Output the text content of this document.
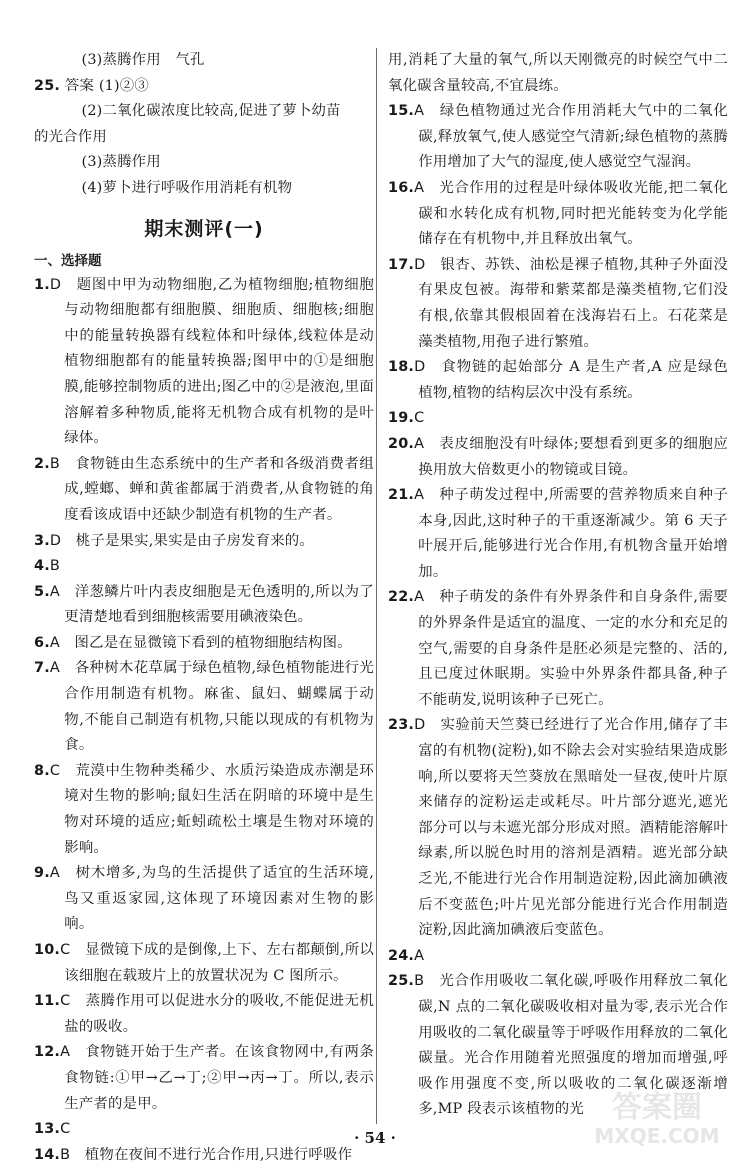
(3)蒸腾作用　气孔

25. 答案 (1)②③

(2)二氧化碳浓度比较高,促进了萝卜幼苗

的光合作用

(3)蒸腾作用

(4)萝卜进行呼吸作用消耗有机物

期末测评(一)
一、选择题

1.D　题图中甲为动物细胞,乙为植物细胞;植物细胞与动物细胞都有细胞膜、细胞质、细胞核;细胞中的能量转换器有线粒体和叶绿体,线粒体是动植物细胞都有的能量转换器;图甲中的①是细胞膜,能够控制物质的进出;图乙中的②是液泡,里面溶解着多种物质,能将无机物合成有机物的是叶绿体。

2.B　食物链由生态系统中的生产者和各级消费者组成,螳螂、蝉和黄雀都属于消费者,从食物链的角度看该成语中还缺少制造有机物的生产者。

3.D　桃子是果实,果实是由子房发育来的。

4.B

5.A　洋葱鳞片叶内表皮细胞是无色透明的,所以为了更清楚地看到细胞核需要用碘液染色。

6.A　图乙是在显微镜下看到的植物细胞结构图。

7.A　各种树木花草属于绿色植物,绿色植物能进行光合作用制造有机物。麻雀、鼠妇、蝴蝶属于动物,不能自己制造有机物,只能以现成的有机物为食。

8.C　荒漠中生物种类稀少、水质污染造成赤潮是环境对生物的影响;鼠妇生活在阴暗的环境中是生物对环境的适应;蚯蚓疏松土壤是生物对环境的影响。

9.A　树木增多,为鸟的生活提供了适宜的生活环境,鸟又重返家园,这体现了环境因素对生物的影响。

10.C　显微镜下成的是倒像,上下、左右都颠倒,所以该细胞在载玻片上的放置状况为 C 图所示。

11.C　蒸腾作用可以促进水分的吸收,不能促进无机盐的吸收。

12.A　食物链开始于生产者。在该食物网中,有两条食物链:①甲→乙→丁;②甲→丙→丁。所以,表示生产者的是甲。

13.C

14.B　植物在夜间不进行光合作用,只进行呼吸作

用,消耗了大量的氧气,所以天刚微亮的时候空气中二氧化碳含量较高,不宜晨练。

15.A　绿色植物通过光合作用消耗大气中的二氧化碳,释放氧气,使人感觉空气清新;绿色植物的蒸腾作用增加了大气的湿度,使人感觉空气湿润。

16.A　光合作用的过程是叶绿体吸收光能,把二氧化碳和水转化成有机物,同时把光能转变为化学能储存在有机物中,并且释放出氧气。

17.D　银杏、苏铁、油松是裸子植物,其种子外面没有果皮包被。海带和紫菜都是藻类植物,它们没有根,依靠其假根固着在浅海岩石上。石花菜是藻类植物,用孢子进行繁殖。

18.D　食物链的起始部分 A 是生产者,A 应是绿色植物,植物的结构层次中没有系统。

19.C

20.A　表皮细胞没有叶绿体;要想看到更多的细胞应换用放大倍数更小的物镜或目镜。

21.A　种子萌发过程中,所需要的营养物质来自种子本身,因此,这时种子的干重逐渐减少。第 6 天子叶展开后,能够进行光合作用,有机物含量开始增加。

22.A　种子萌发的条件有外界条件和自身条件,需要的外界条件是适宜的温度、一定的水分和充足的空气,需要的自身条件是胚必须是完整的、活的,且已度过休眠期。实验中外界条件都具备,种子不能萌发,说明该种子已死亡。

23.D　实验前天竺葵已经进行了光合作用,储存了丰富的有机物(淀粉),如不除去会对实验结果造成影响,所以要将天竺葵放在黑暗处一昼夜,使叶片原来储存的淀粉运走或耗尽。叶片部分遮光,遮光部分可以与未遮光部分形成对照。酒精能溶解叶绿素,所以脱色时用的溶剂是酒精。遮光部分缺乏光,不能进行光合作用制造淀粉,因此滴加碘液后不变蓝色;叶片见光部分能进行光合作用制造淀粉,因此滴加碘液后变蓝色。

24.A

25.B　光合作用吸收二氧化碳,呼吸作用释放二氧化碳,N 点的二氧化碳吸收相对量为零,表示光合作用吸收的二氧化碳量等于呼吸作用释放的二氧化碳量。光合作用随着光照强度的增加而增强,呼吸作用强度不变,所以吸收的二氧化碳逐渐增多,MP 段表示该植物的光

· 54 ·
答案圈
MXQE.COM
